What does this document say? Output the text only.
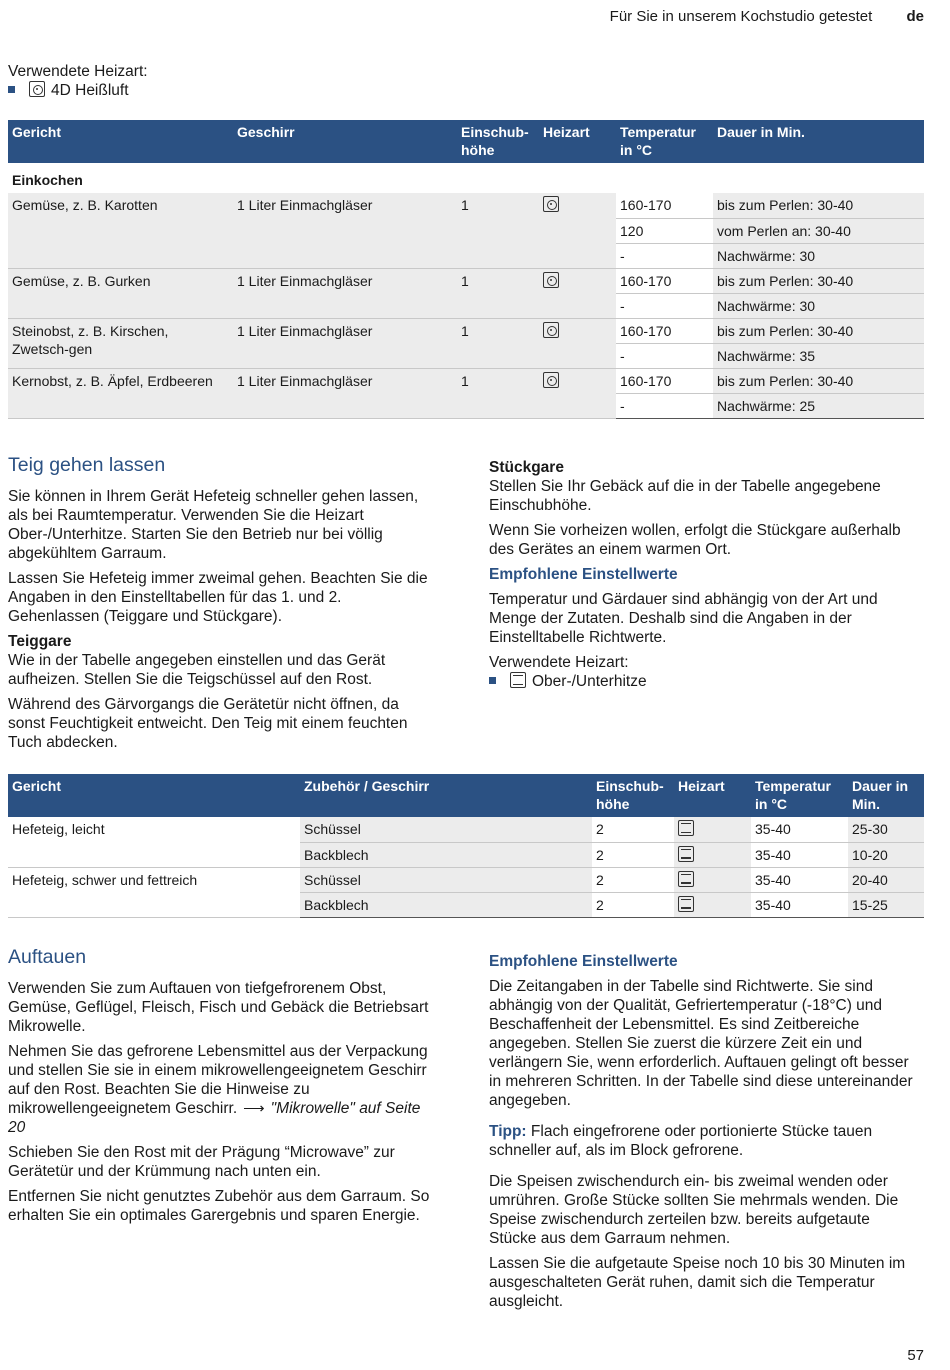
Für Sie in unserem Kochstudio getestet de
Verwendete Heizart:
4D Heißluft
Gericht	Geschirr	Einschub-höhe	Heizart	Temperatur in °C	Dauer in Min.
Einkochen					
Gemüse, z. B. Karotten	1 Liter Einmachgläser	1		160-170	bis zum Perlen: 30-40
				120	vom Perlen an: 30-40
				-	Nachwärme: 30
Gemüse, z. B. Gurken	1 Liter Einmachgläser	1		160-170	bis zum Perlen: 30-40
				-	Nachwärme: 30
Steinobst, z. B. Kirschen, Zwetsch-gen	1 Liter Einmachgläser	1		160-170	bis zum Perlen: 30-40
				-	Nachwärme: 35
Kernobst, z. B. Äpfel, Erdbeeren	1 Liter Einmachgläser	1		160-170	bis zum Perlen: 30-40
				-	Nachwärme: 25
Teig gehen lassen

Sie können in Ihrem Gerät Hefeteig schneller gehen lassen, als bei Raumtemperatur. Verwenden Sie die Heizart Ober-/Unterhitze. Starten Sie den Betrieb nur bei völlig abgekühltem Garraum.

Lassen Sie Hefeteig immer zweimal gehen. Beachten Sie die Angaben in den Einstelltabellen für das 1. und 2. Gehenlassen (Teiggare und Stückgare).

Teiggare

Wie in der Tabelle angegeben einstellen und das Gerät aufheizen. Stellen Sie die Teigschüssel auf den Rost.

Während des Gärvorgangs die Gerätetür nicht öffnen, da sonst Feuchtigkeit entweicht. Den Teig mit einem feuchten Tuch abdecken.

Stückgare

Stellen Sie Ihr Gebäck auf die in der Tabelle angegebene Einschubhöhe.

Wenn Sie vorheizen wollen, erfolgt die Stückgare außerhalb des Gerätes an einem warmen Ort.

Empfohlene Einstellwerte

Temperatur und Gärdauer sind abhängig von der Art und Menge der Zutaten. Deshalb sind die Angaben in der Einstelltabelle Richtwerte.

Verwendete Heizart:
Ober-/Unterhitze
Gericht	Zubehör / Geschirr	Einschub-höhe	Heizart	Temperatur in °C	Dauer in Min.
Hefeteig, leicht	Schüssel	2		35-40	25-30
	Backblech	2		35-40	10-20
Hefeteig, schwer und fettreich	Schüssel	2		35-40	20-40
	Backblech	2		35-40	15-25
Auftauen

Verwenden Sie zum Auftauen von tiefgefrorenem Obst, Gemüse, Geflügel, Fleisch, Fisch und Gebäck die Betriebsart Mikrowelle.

Nehmen Sie das gefrorene Lebensmittel aus der Verpackung und stellen Sie sie in einem mikrowellengeeignetem Geschirr auf den Rost. Beachten Sie die Hinweise zu mikrowellengeeignetem Geschirr. ⟶ "Mikrowelle" auf Seite 20

Schieben Sie den Rost mit der Prägung “Microwave” zur Gerätetür und der Krümmung nach unten ein.

Entfernen Sie nicht genutztes Zubehör aus dem Garraum. So erhalten Sie ein optimales Garergebnis und sparen Energie.

Empfohlene Einstellwerte

Die Zeitangaben in der Tabelle sind Richtwerte. Sie sind abhängig von der Qualität, Gefriertemperatur (-18°C) und Beschaffenheit der Lebensmittel. Es sind Zeitbereiche angegeben. Stellen Sie zuerst die kürzere Zeit ein und verlängern Sie, wenn erforderlich. Auftauen gelingt oft besser in mehreren Schritten. In der Tabelle sind diese untereinander angegeben.

Tipp: Flach eingefrorene oder portionierte Stücke tauen schneller auf, als im Block gefrorene.

Die Speisen zwischendurch ein- bis zweimal wenden oder umrühren. Große Stücke sollten Sie mehrmals wenden. Die Speise zwischendurch zerteilen bzw. bereits aufgetaute Stücke aus dem Garraum nehmen.

Lassen Sie die aufgetaute Speise noch 10 bis 30 Minuten im ausgeschalteten Gerät ruhen, damit sich die Temperatur ausgleicht.

57
